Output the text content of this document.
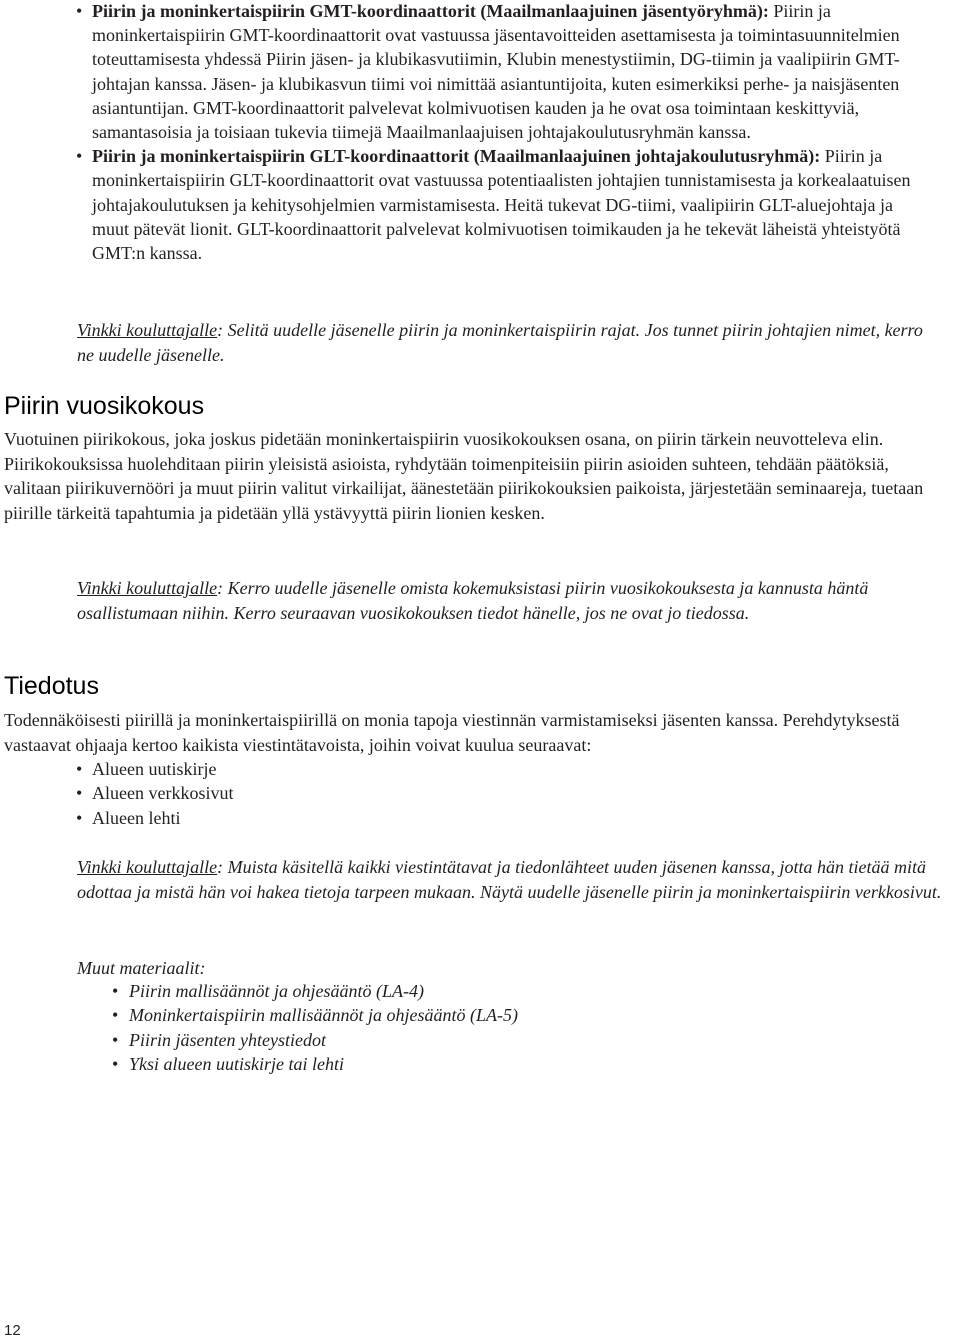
• Piirin ja moninkertaispiirin GMT-koordinaattorit (Maailmanlaajuinen jäsentyöryhmä): Piirin ja moninkertaispiirin GMT-koordinaattorit ovat vastuussa jäsentavoitteiden asettamisesta ja toimintasuunnitelmien toteuttamisesta yhdessä Piirin jäsen- ja klubikasvutiimin, Klubin menestystiimin, DG-tiimin ja vaalipiirin GMT-johtajan kanssa. Jäsen- ja klubikasvun tiimi voi nimittää asiantuntijoita, kuten esimerkiksi perhe- ja naisjäsenten asiantuntijan. GMT-koordinaattorit palvelevat kolmivuotisen kauden ja he ovat osa toimintaan keskittyviä, samantasoisia ja toisiaan tukevia tiimejä Maailmanlaajuisen johtajakoulutusryhmän kanssa.
• Piirin ja moninkertaispiirin GLT-koordinaattorit (Maailmanlaajuinen johtajakoulutusryhmä): Piirin ja moninkertaispiirin GLT-koordinaattorit ovat vastuussa potentiaalisten johtajien tunnistamisesta ja korkealaatuisen johtajakoulutuksen ja kehitysohjelmien varmistamisesta. Heitä tukevat DG-tiimi, vaalipiirin GLT-aluejohtaja ja muut pätevät lionit. GLT-koordinaattorit palvelevat kolmivuotisen toimikauden ja he tekevät läheistä yhteistyötä GMT:n kanssa.
Vinkki kouluttajalle: Selitä uudelle jäsenelle piirin ja moninkertaispiirin rajat. Jos tunnet piirin johtajien nimet, kerro ne uudelle jäsenelle.
Piirin vuosikokous
Vuotuinen piirikokous, joka joskus pidetään moninkertaispiirin vuosikokouksen osana, on piirin tärkein neuvotteleva elin. Piirikokouksissa huolehditaan piirin yleisistä asioista, ryhdytään toimenpiteisiin piirin asioiden suhteen, tehdään päätöksiä, valitaan piirikuvernööri ja muut piirin valitut virkailijat, äänestetään piirikokouksien paikoista, järjestetään seminaareja, tuetaan piirille tärkeitä tapahtumia ja pidetään yllä ystävyyttä piirin lionien kesken.
Vinkki kouluttajalle: Kerro uudelle jäsenelle omista kokemuksistasi piirin vuosikokouksesta ja kannusta häntä osallistumaan niihin. Kerro seuraavan vuosikokouksen tiedot hänelle, jos ne ovat jo tiedossa.
Tiedotus
Todennäköisesti piirillä ja moninkertaispiirillä on monia tapoja viestinnän varmistamiseksi jäsenten kanssa. Perehdytyksestä vastaavat ohjaaja kertoo kaikista viestintätavoista, joihin voivat kuulua seuraavat:
• Alueen uutiskirje
• Alueen verkkosivut
• Alueen lehti
Vinkki kouluttajalle: Muista käsitellä kaikki viestintätavat ja tiedonlähteet uuden jäsenen kanssa, jotta hän tietää mitä odottaa ja mistä hän voi hakea tietoja tarpeen mukaan. Näytä uudelle jäsenelle piirin ja moninkertaispiirin verkkosivut.
Muut materiaalit:
• Piirin mallisäännöt ja ohjesääntö (LA-4)
• Moninkertaispiirin mallisäännöt ja ohjesääntö (LA-5)
• Piirin jäsenten yhteystiedot
• Yksi alueen uutiskirje tai lehti
12
